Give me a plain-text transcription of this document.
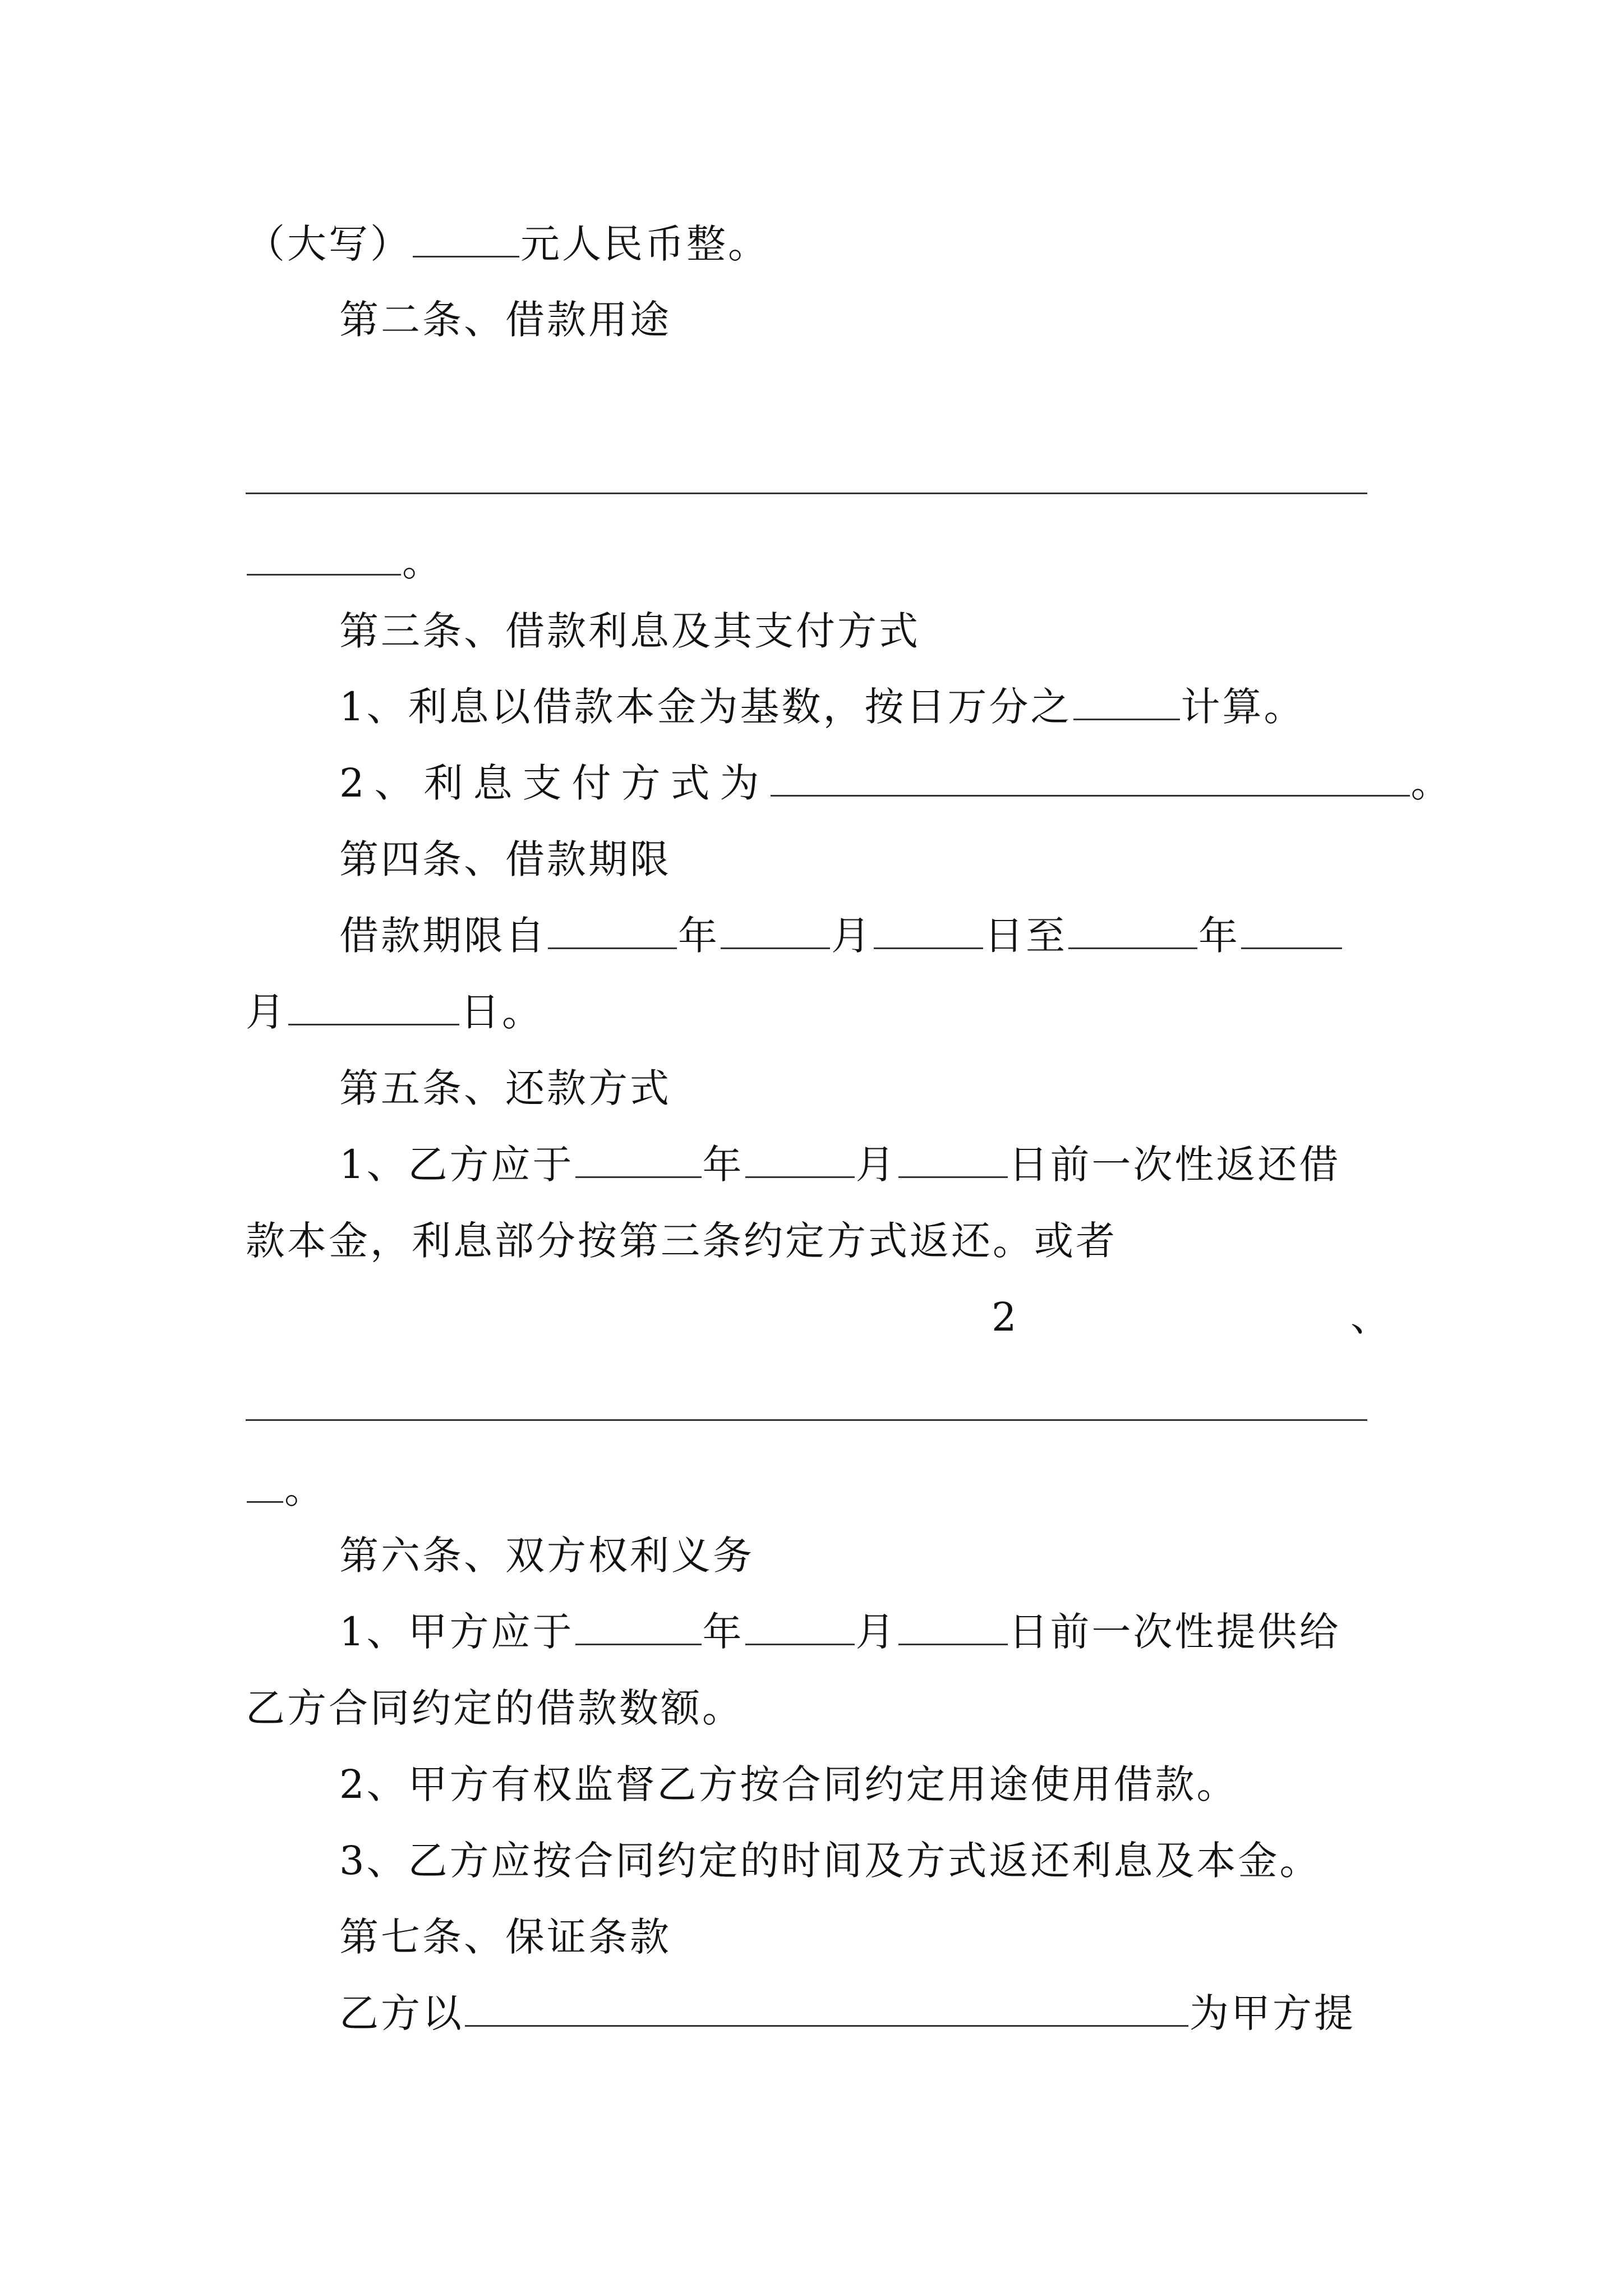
（大写）	元人民币整。
第二条、借款用途
。
第三条、借款利息及其支付方式
1、利息以借款本金为基数，按日万分之	计算。
2、利息支付方式为	。
第四条、借款期限
借款期限自	年	月	日至	年
月	日。
第五条、还款方式
1、乙方应于	年	月	日前一次性返还借
款本金，利息部分按第三条约定方式返还。或者
2	、
。
第六条、双方权利义务
1、甲方应于	年	月	日前一次性提供给
乙方合同约定的借款数额。
2、甲方有权监督乙方按合同约定用途使用借款。
3、乙方应按合同约定的时间及方式返还利息及本金。
第七条、保证条款
乙方以	为甲方提
